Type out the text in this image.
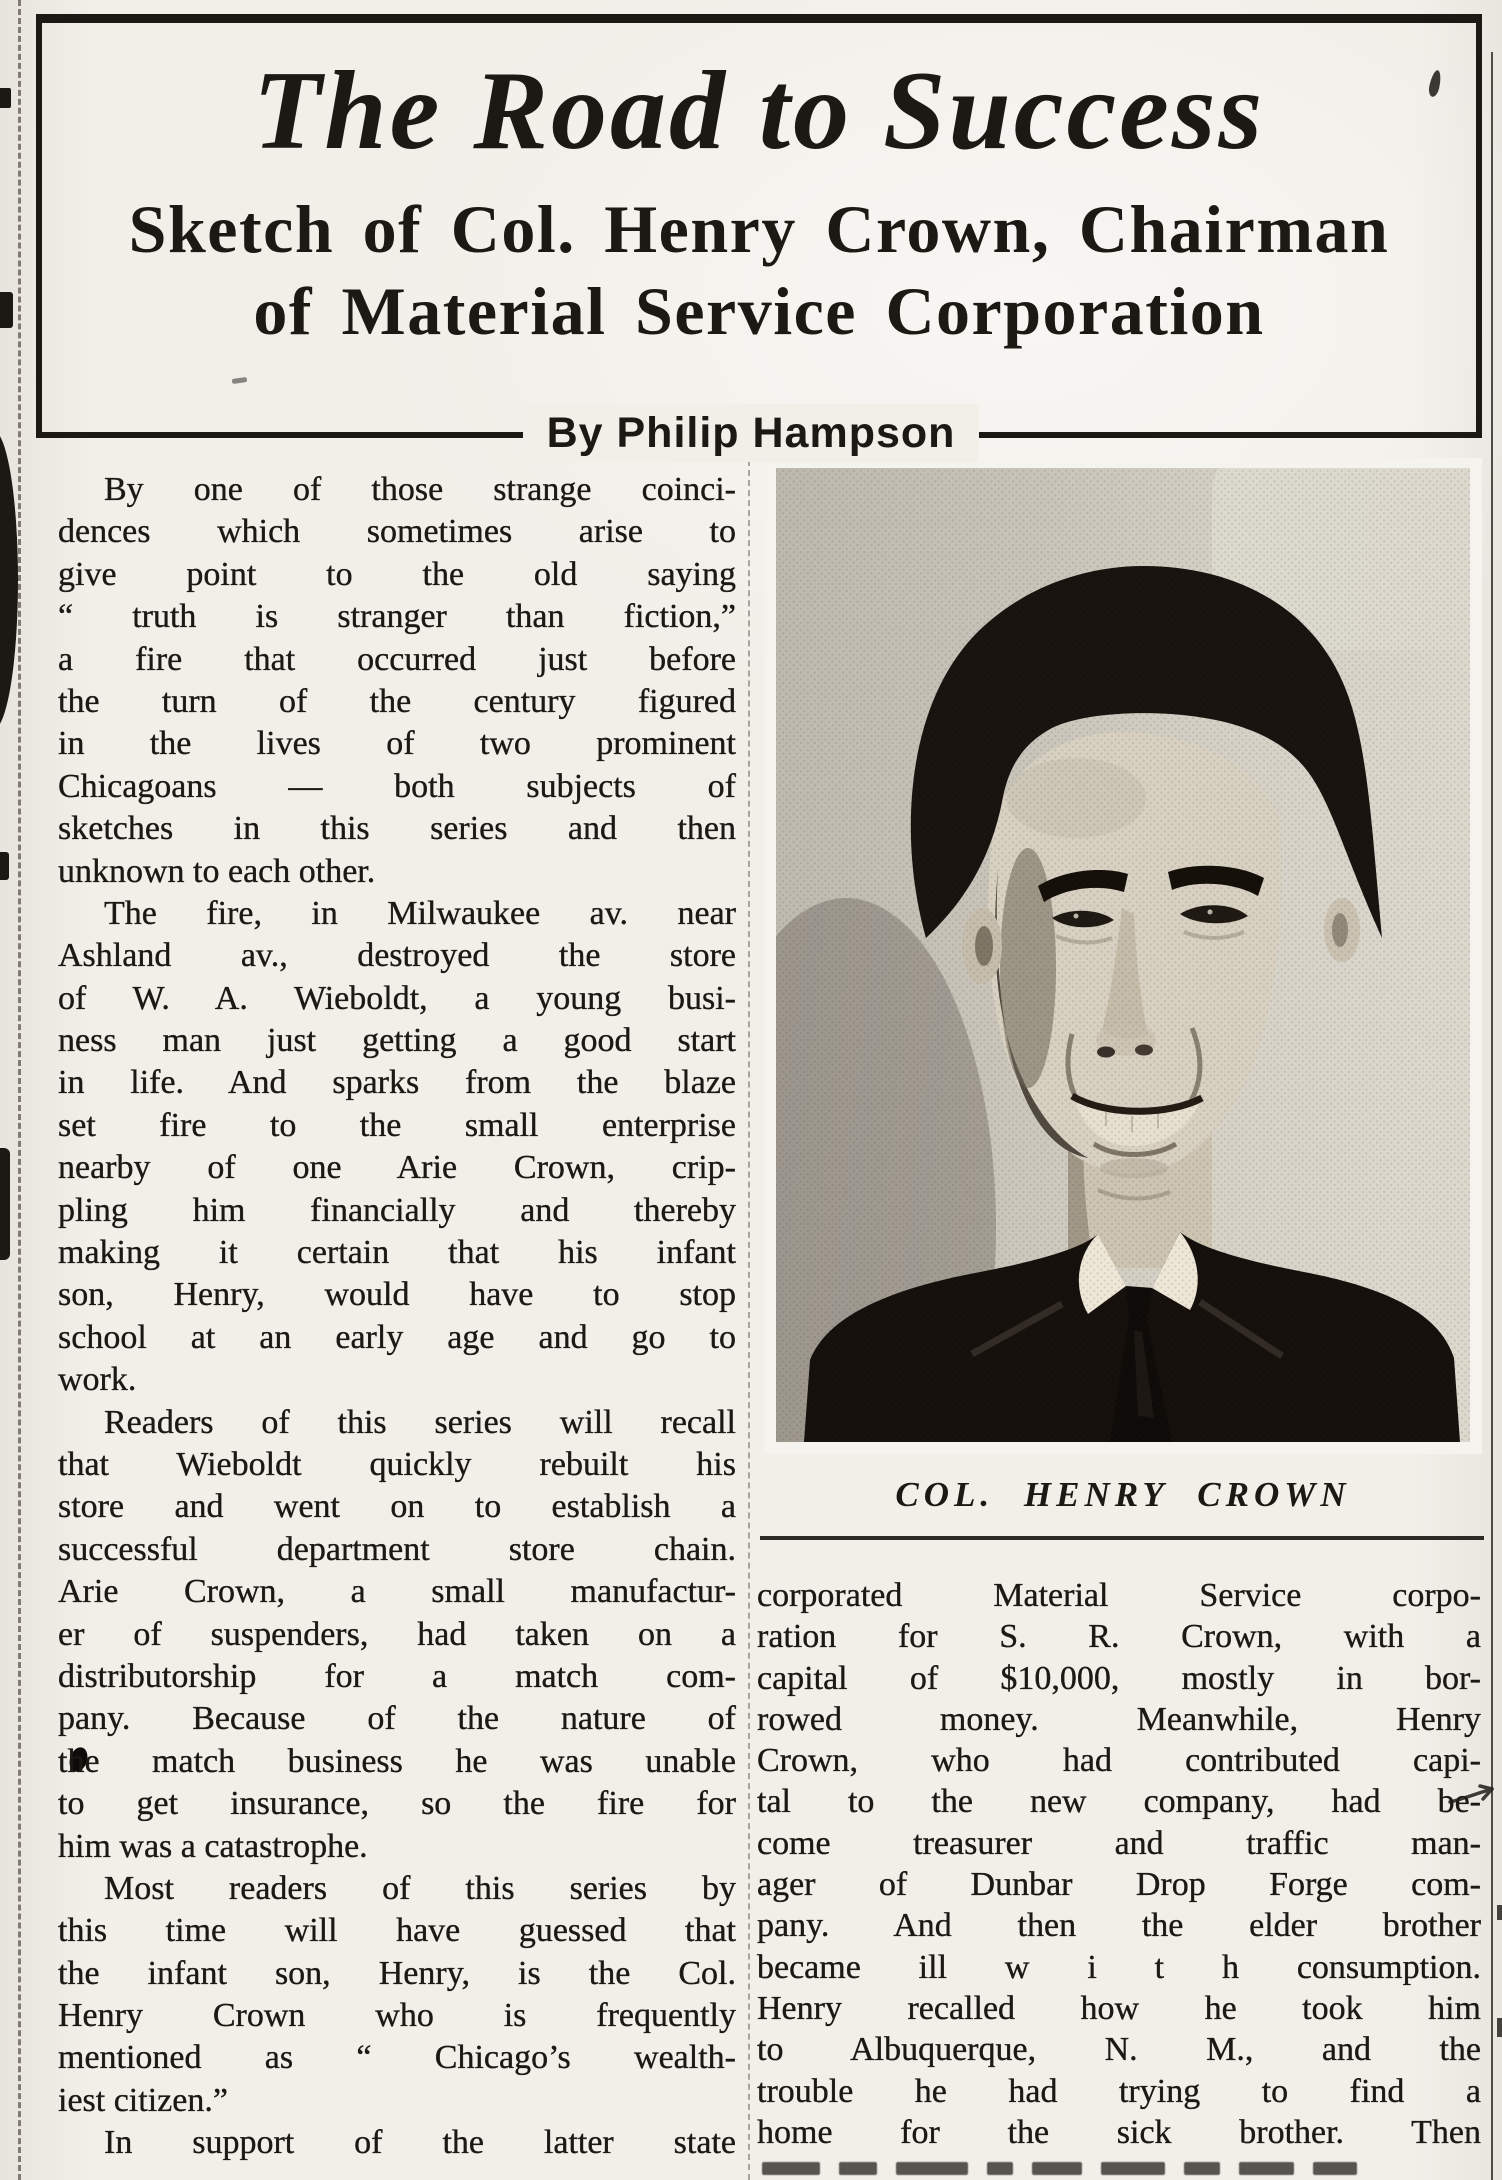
The Road to Success
Sketch of Col. Henry Crown, Chairman
of Material Service Corporation
By Philip Hampson
By one of those strange coinci-
dences which sometimes arise to
give point to the old saying
“ truth is stranger than fiction,”
a fire that occurred just before
the turn of the century figured
in the lives of two prominent
Chicagoans — both subjects of
sketches in this series and then
unknown to each other.
The fire, in Milwaukee av. near
Ashland av., destroyed the store
of W. A. Wieboldt, a young busi-
ness man just getting a good start
in life. And sparks from the blaze
set fire to the small enterprise
nearby of one Arie Crown, crip-
pling him financially and thereby
making it certain that his infant
son, Henry, would have to stop
school at an early age and go to
work.
Readers of this series will recall
that Wieboldt quickly rebuilt his
store and went on to establish a
successful department store chain.
Arie Crown, a small manufactur-
er of suspenders, had taken on a
distributorship for a match com-
pany. Because of the nature of
the match business he was unable
to get insurance, so the fire for
him was a catastrophe.
Most readers of this series by
this time will have guessed that
the infant son, Henry, is the Col.
Henry Crown who is frequently
mentioned as “ Chicago’s wealth-
iest citizen.”
In support of the latter state
COL. HENRY CROWN
corporated Material Service corpo-
ration for S. R. Crown, with a
capital of $10,000, mostly in bor-
rowed money. Meanwhile, Henry
Crown, who had contributed capi-
tal to the new company, had be-
come treasurer and traffic man-
ager of Dunbar Drop Forge com-
pany. And then the elder brother
became ill w i t h consumption.
Henry recalled how he took him
to Albuquerque, N. M., and the
trouble he had trying to find a
home for the sick brother. Then
